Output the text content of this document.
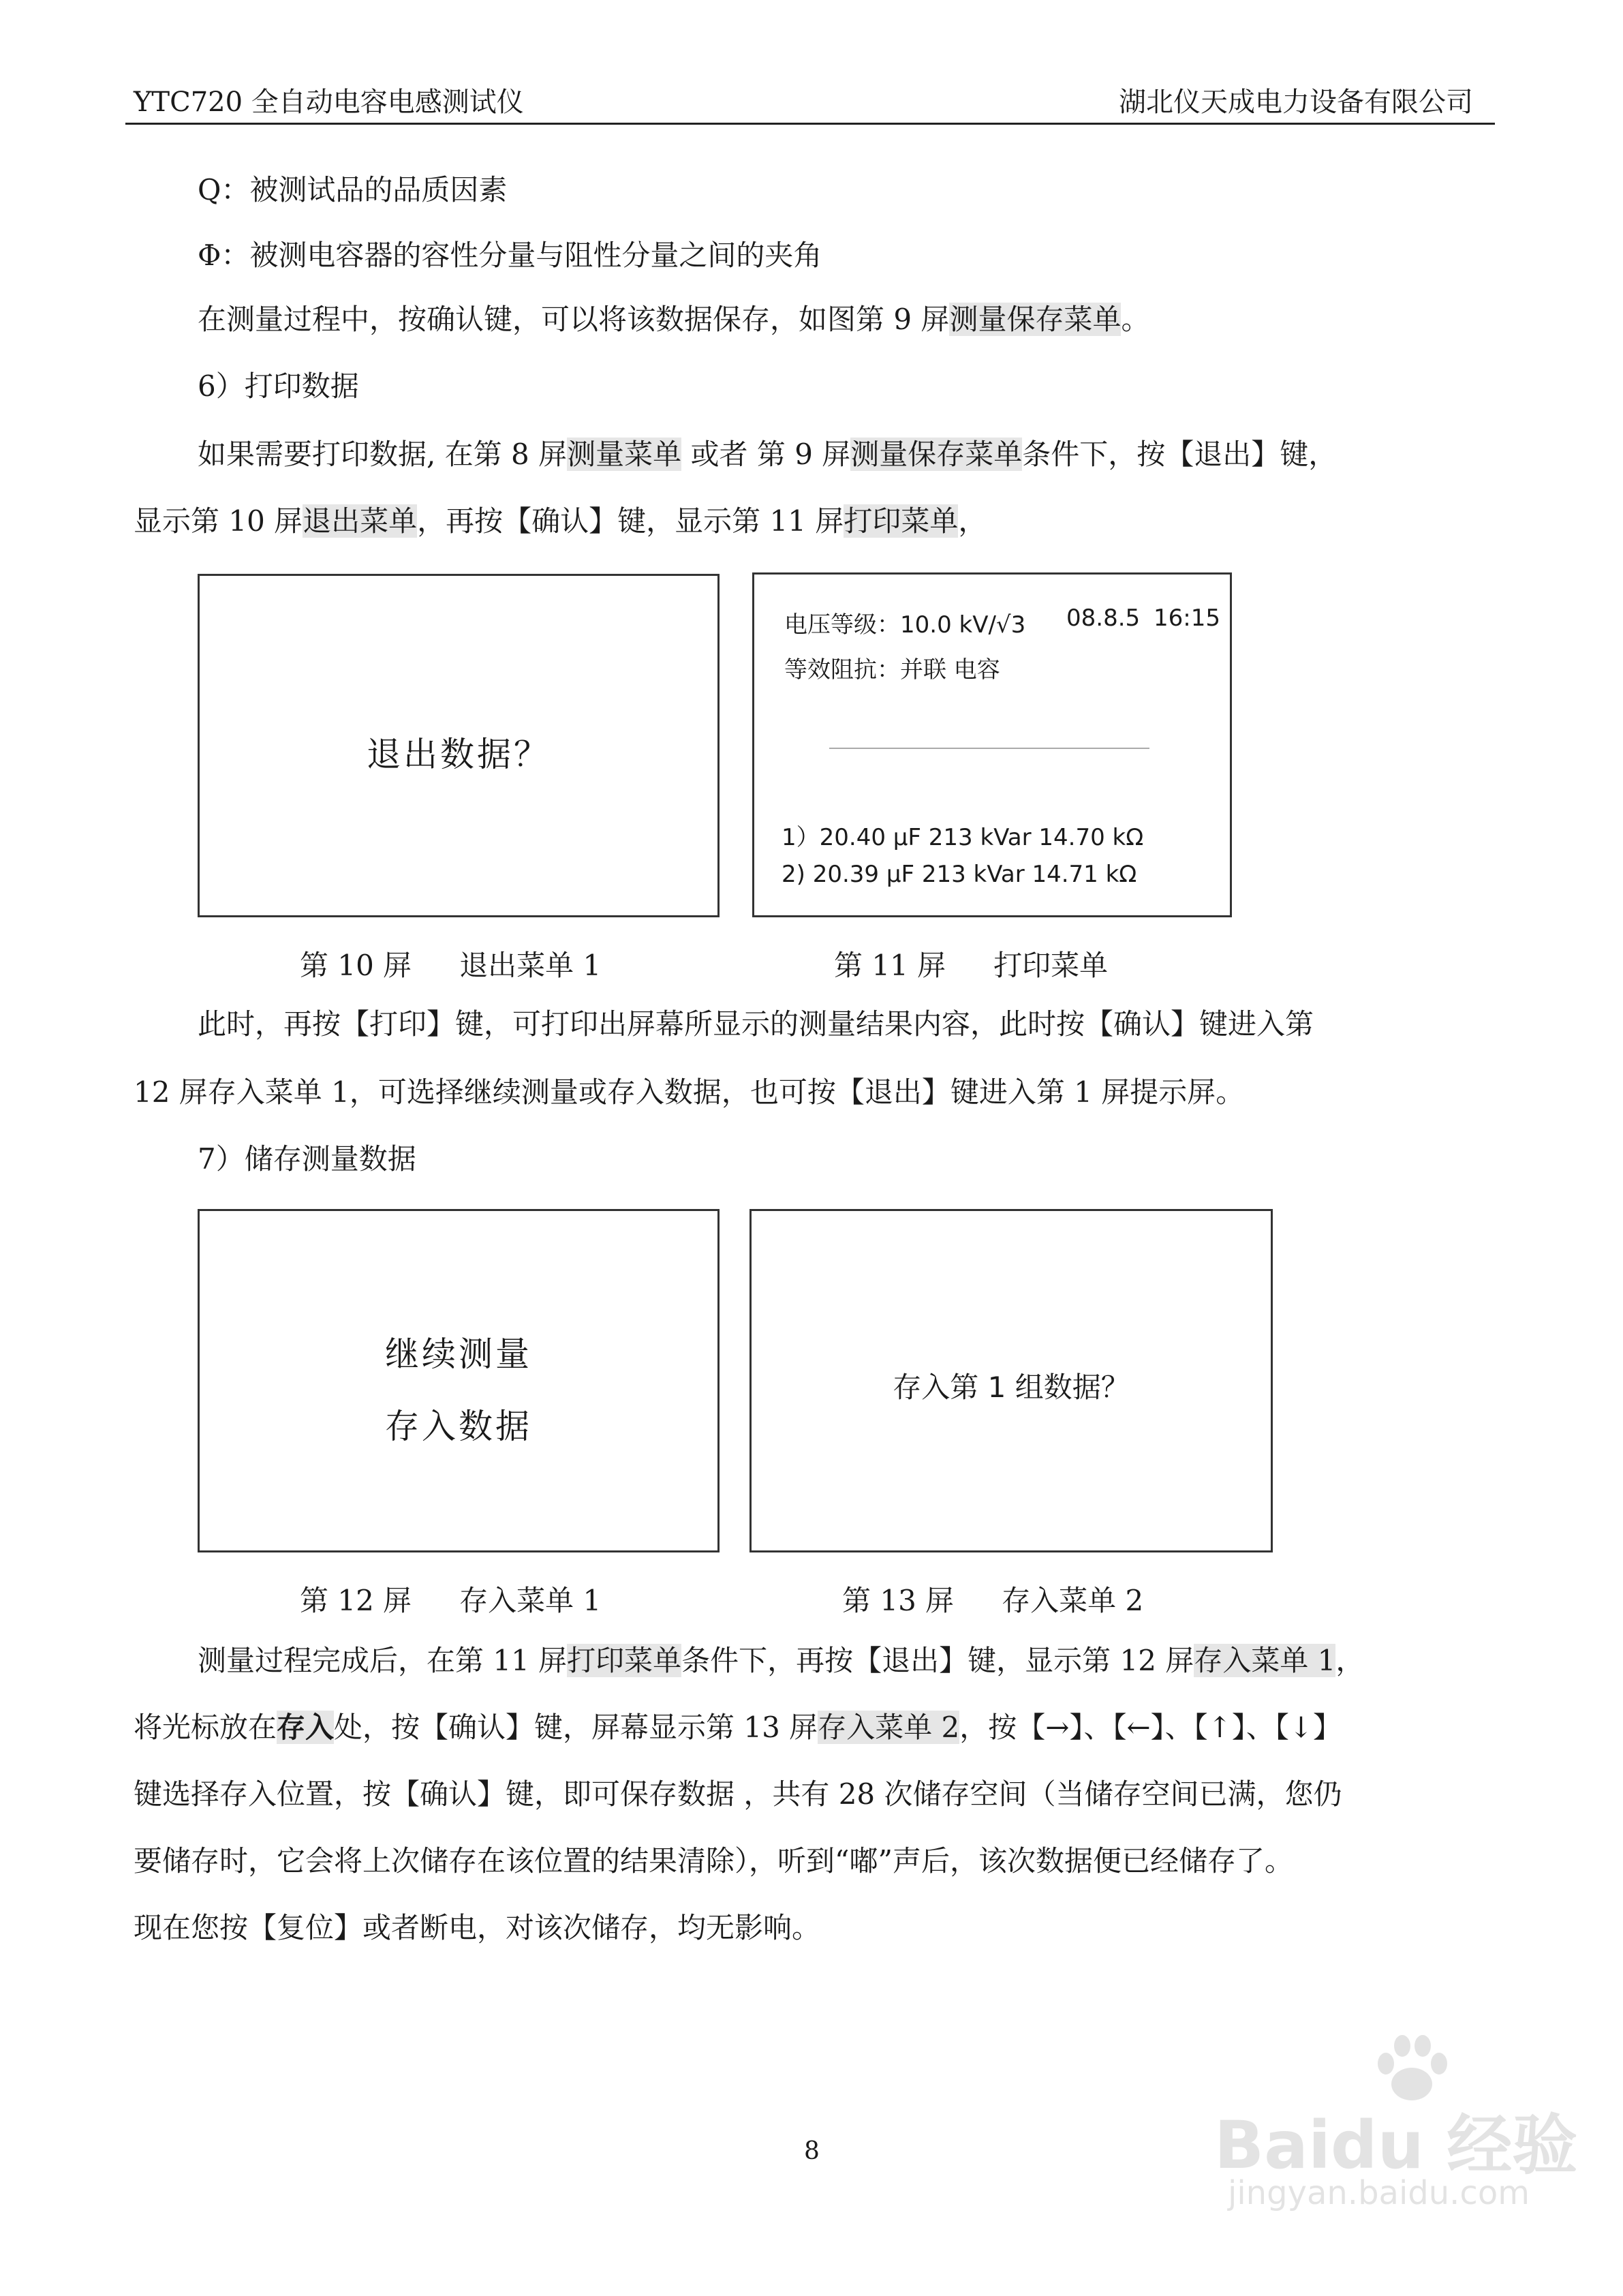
YTC720 全自动电容电感测试仪	湖北仪天成电力设备有限公司
Q：被测试品的品质因素
Φ：被测电容器的容性分量与阻性分量之间的夹角
在测量过程中，按确认键，可以将该数据保存，如图第 9 屏测量保存菜单。
6）打印数据
如果需要打印数据, 在第 8 屏测量菜单 或者 第 9 屏测量保存菜单条件下，按【退出】键，
显示第 10 屏退出菜单，再按【确认】键，显示第 11 屏打印菜单，
退出数据？
电压等级：10.0 kV/√3 08.8.5 16:15
等效阻抗：并联 电容
1）20.40 μF 213 kVar 14.70 kΩ
2) 20.39 μF 213 kVar 14.71 kΩ
第 10 屏 退出菜单 1	第 11 屏 打印菜单
此时，再按【打印】键，可打印出屏幕所显示的测量结果内容，此时按【确认】键进入第
12 屏存入菜单 1，可选择继续测量或存入数据，也可按【退出】键进入第 1 屏提示屏。
7）储存测量数据
继续测量
存入数据
存入第 1 组数据？
第 12 屏 存入菜单 1	第 13 屏 存入菜单 2
测量过程完成后，在第 11 屏打印菜单条件下，再按【退出】键，显示第 12 屏存入菜单 1，
将光标放在存入处，按【确认】键，屏幕显示第 13 屏存入菜单 2，按【→】、【←】、【↑】、【↓】
键选择存入位置，按【确认】键，即可保存数据 ，共有 28 次储存空间（当储存空间已满，您仍
要储存时，它会将上次储存在该位置的结果清除），听到“嘟”声后，该次数据便已经储存了。
现在您按【复位】或者断电，对该次储存，均无影响。
8	Baidu 经验
jingyan.baidu.com
